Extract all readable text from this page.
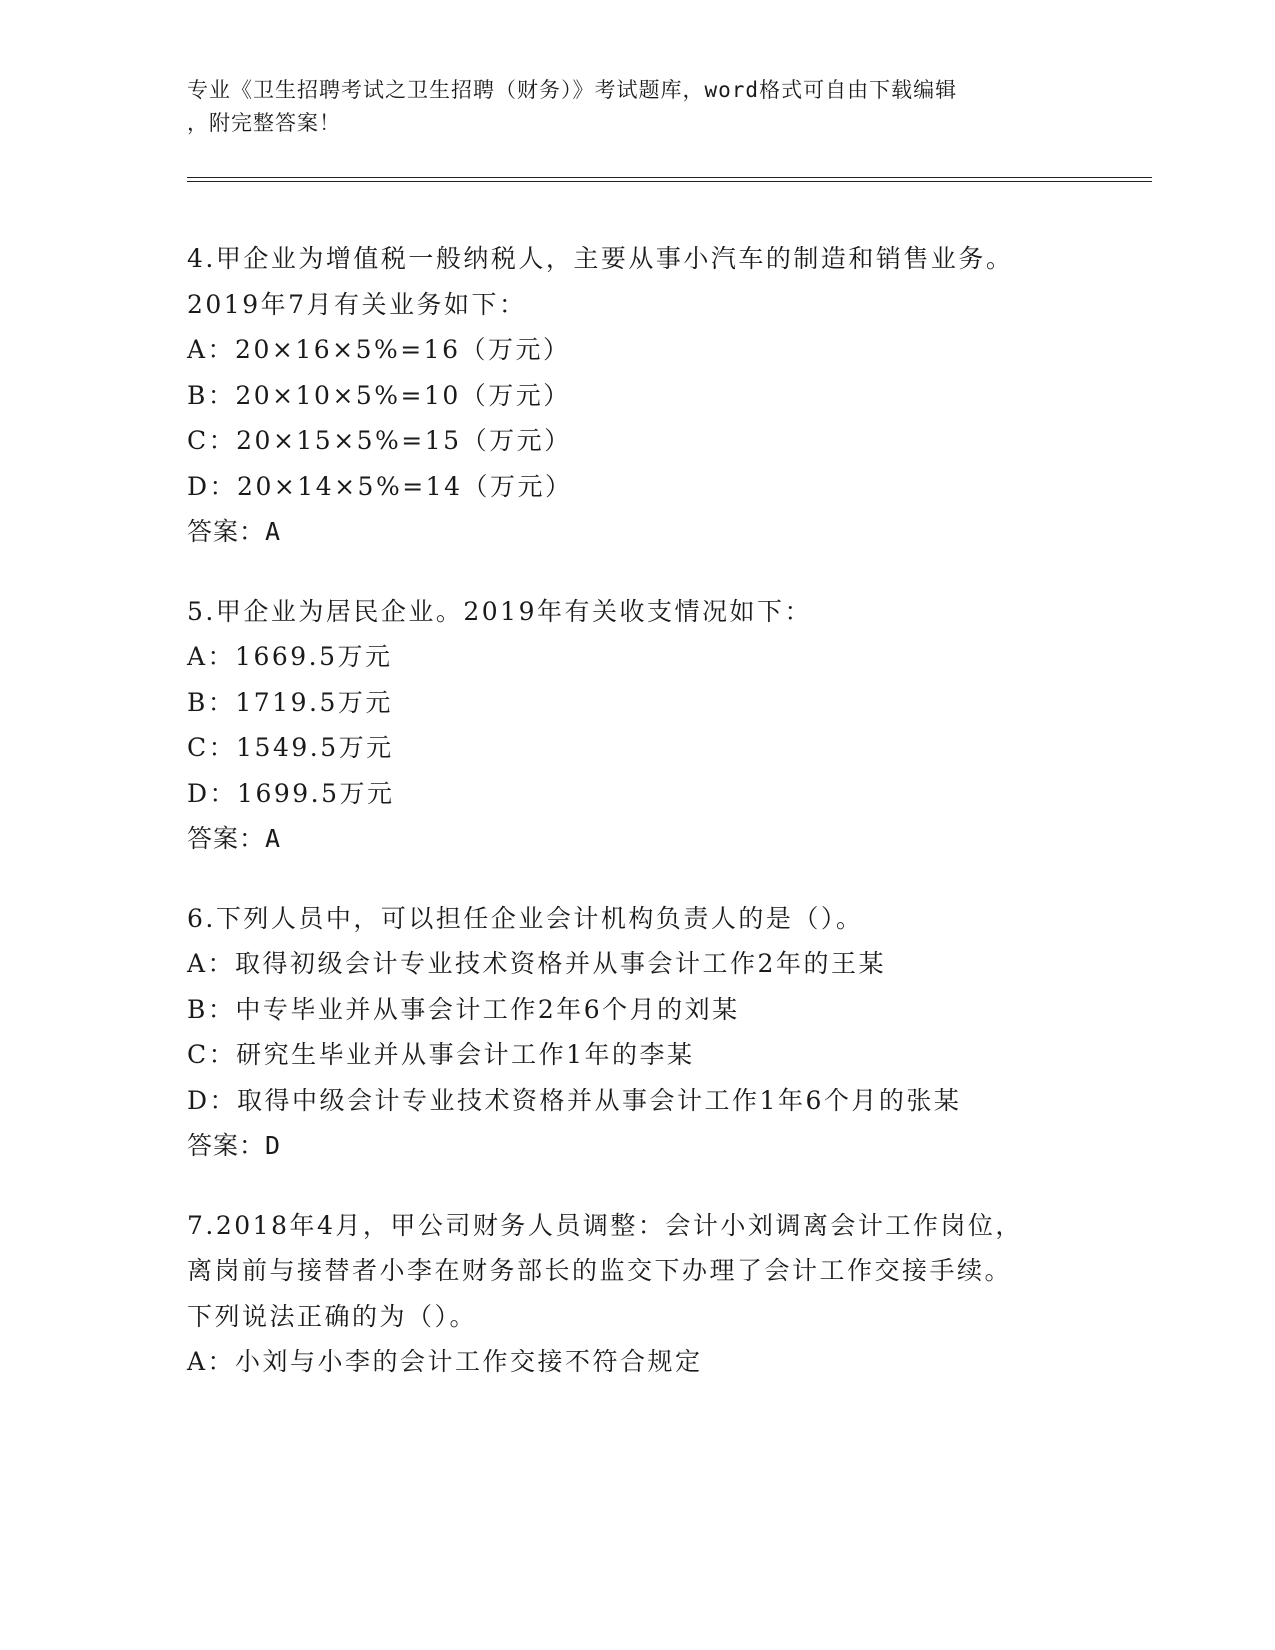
专业《卫生招聘考试之卫生招聘（财务）》考试题库，word格式可自由下载编辑
，附完整答案！
4.甲企业为增值税一般纳税人，主要从事小汽车的制造和销售业务。
2019年7月有关业务如下：
A：20×16×5%=16（万元）
B：20×10×5%=10（万元）
C：20×15×5%=15（万元）
D：20×14×5%=14（万元）
答案：A
5.甲企业为居民企业。2019年有关收支情况如下：
A：1669.5万元
B：1719.5万元
C：1549.5万元
D：1699.5万元
答案：A
6.下列人员中，可以担任企业会计机构负责人的是（）。
A：取得初级会计专业技术资格并从事会计工作2年的王某
B：中专毕业并从事会计工作2年6个月的刘某
C：研究生毕业并从事会计工作1年的李某
D：取得中级会计专业技术资格并从事会计工作1年6个月的张某
答案：D
7.2018年4月，甲公司财务人员调整：会计小刘调离会计工作岗位，
离岗前与接替者小李在财务部长的监交下办理了会计工作交接手续。
下列说法正确的为（）。
A：小刘与小李的会计工作交接不符合规定
